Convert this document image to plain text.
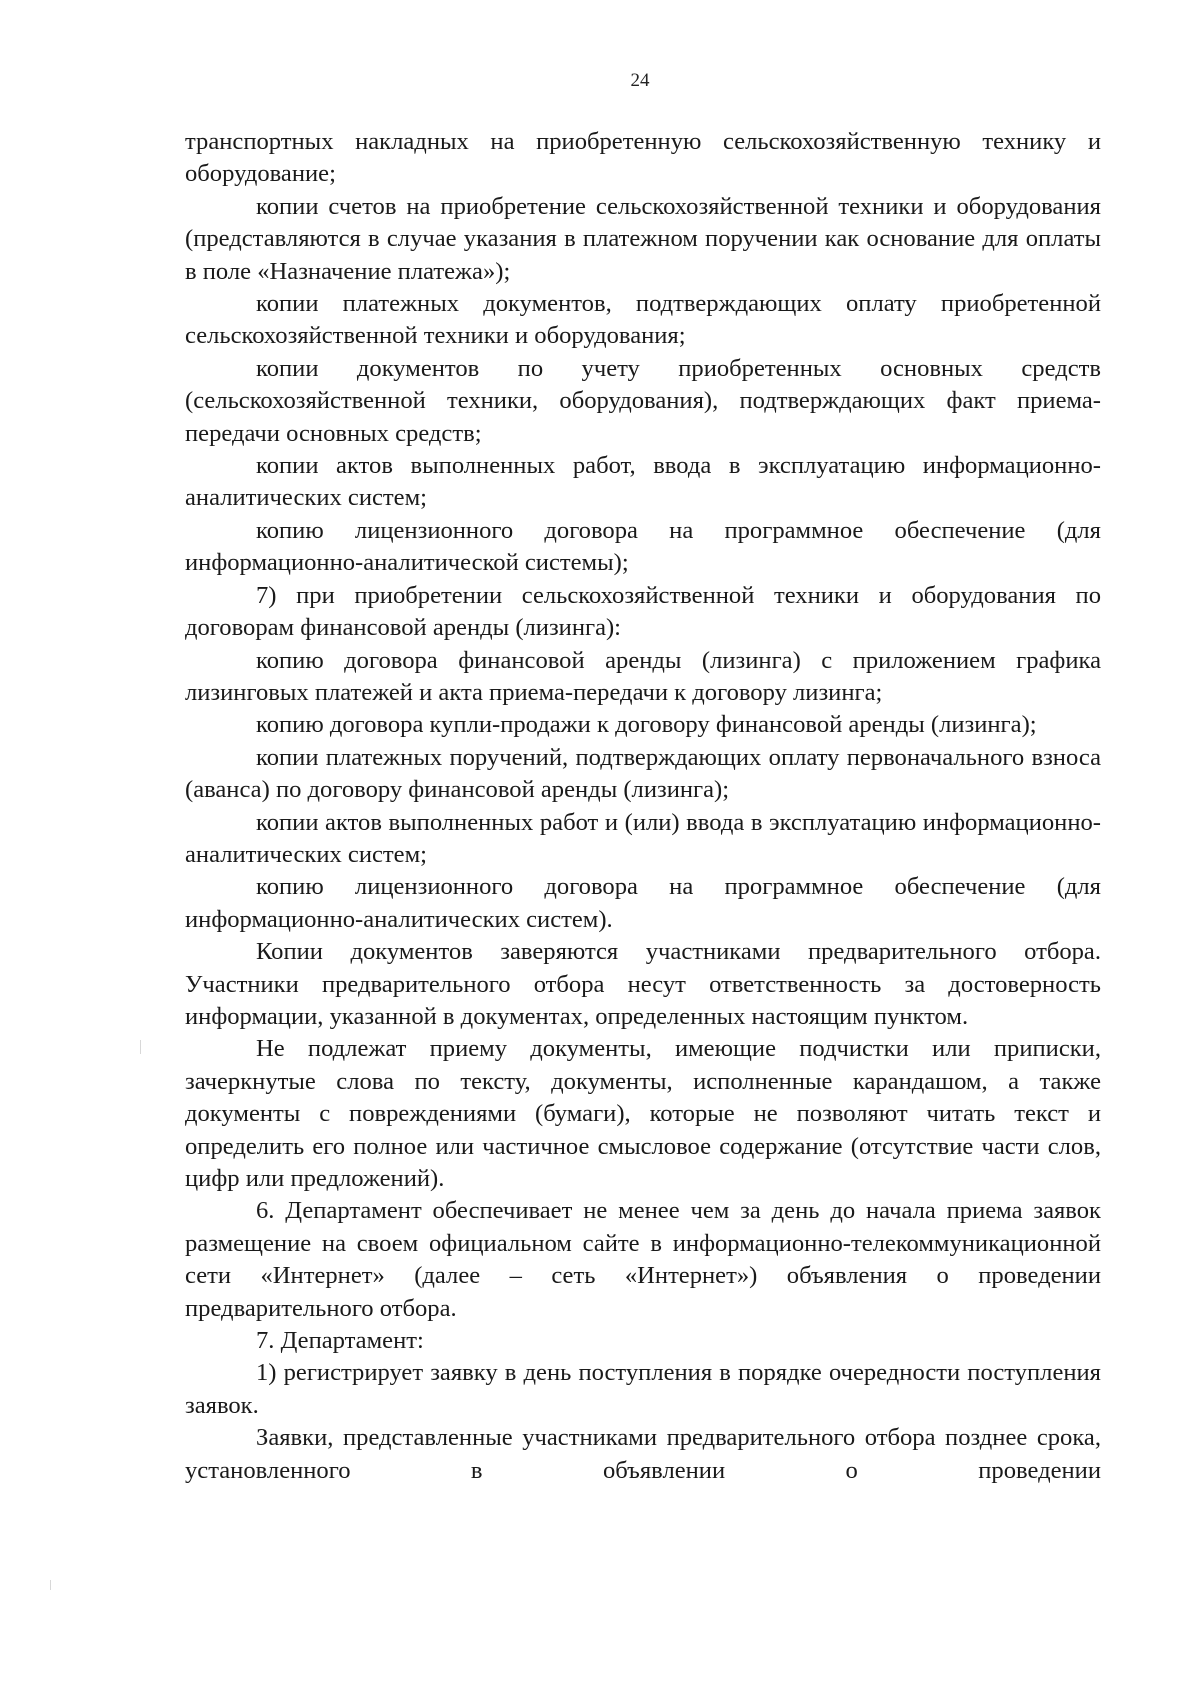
24

транспортных накладных на приобретенную сельскохозяйственную технику и оборудование;

копии счетов на приобретение сельскохозяйственной техники и оборудования (представляются в случае указания в платежном поручении как основание для оплаты в поле «Назначение платежа»);

копии платежных документов, подтверждающих оплату приобретенной сельскохозяйственной техники и оборудования;

копии документов по учету приобретенных основных средств (сельскохозяйственной техники, оборудования), подтверждающих факт приема-передачи основных средств;

копии актов выполненных работ, ввода в эксплуатацию информационно-аналитических систем;

копию лицензионного договора на программное обеспечение (для информационно-аналитической системы);

7) при приобретении сельскохозяйственной техники и оборудования по договорам финансовой аренды (лизинга):

копию договора финансовой аренды (лизинга) с приложением графика лизинговых платежей и акта приема-передачи к договору лизинга;

копию договора купли-продажи к договору финансовой аренды (лизинга);

копии платежных поручений, подтверждающих оплату первоначального взноса (аванса) по договору финансовой аренды (лизинга);

копии актов выполненных работ и (или) ввода в эксплуатацию информационно-аналитических систем;

копию лицензионного договора на программное обеспечение (для информационно-аналитических систем).

Копии документов заверяются участниками предварительного отбора. Участники предварительного отбора несут ответственность за достоверность информации, указанной в документах, определенных настоящим пунктом.

Не подлежат приему документы, имеющие подчистки или приписки, зачеркнутые слова по тексту, документы, исполненные карандашом, а также документы с повреждениями (бумаги), которые не позволяют читать текст и определить его полное или частичное смысловое содержание (отсутствие части слов, цифр или предложений).

6. Департамент обеспечивает не менее чем за день до начала приема заявок размещение на своем официальном сайте в информационно-телекоммуникационной сети «Интернет» (далее – сеть «Интернет») объявления о проведении предварительного отбора.

7. Департамент:

1) регистрирует заявку в день поступления в порядке очередности поступления заявок.

Заявки, представленные участниками предварительного отбора позднее срока, установленного в объявлении о проведении
